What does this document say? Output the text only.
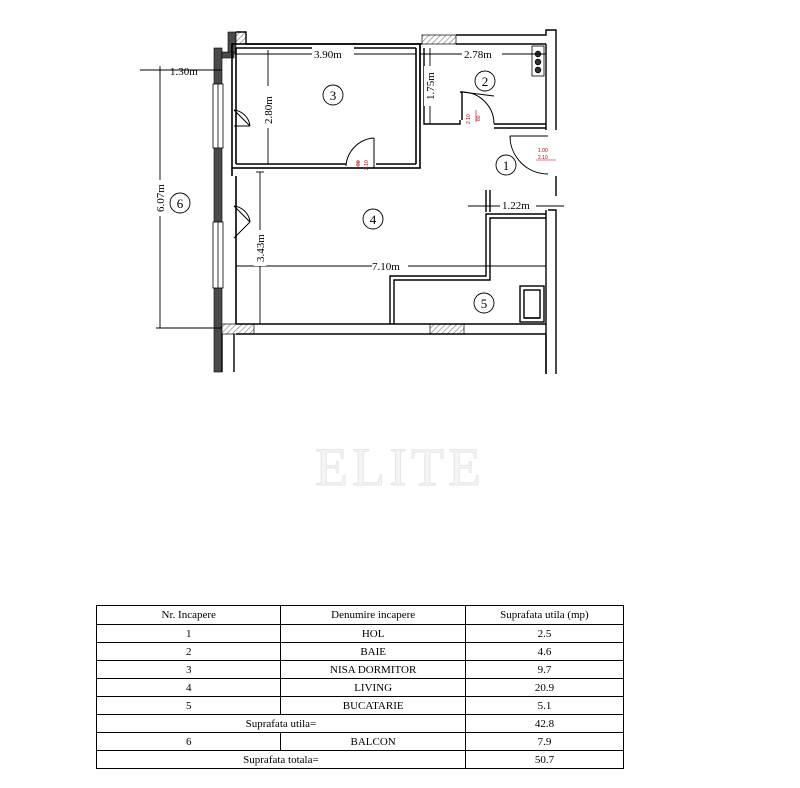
3.90m	2.78m
2.80m
1.75m
1.30m
6.07m
3.43m
7.10m
1.22m
1.00
2.10
80
2.10
90 2.10	1
2
3
4
5
6
ELITE
Nr. Incapere	Denumire incapere	Suprafata utila (mp)
1	HOL	2.5
2	BAIE	4.6
3	NISA DORMITOR	9.7
4	LIVING	20.9
5	BUCATARIE	5.1
Suprafata utila=		42.8
6	BALCON	7.9
Suprafata totala=		50.7
